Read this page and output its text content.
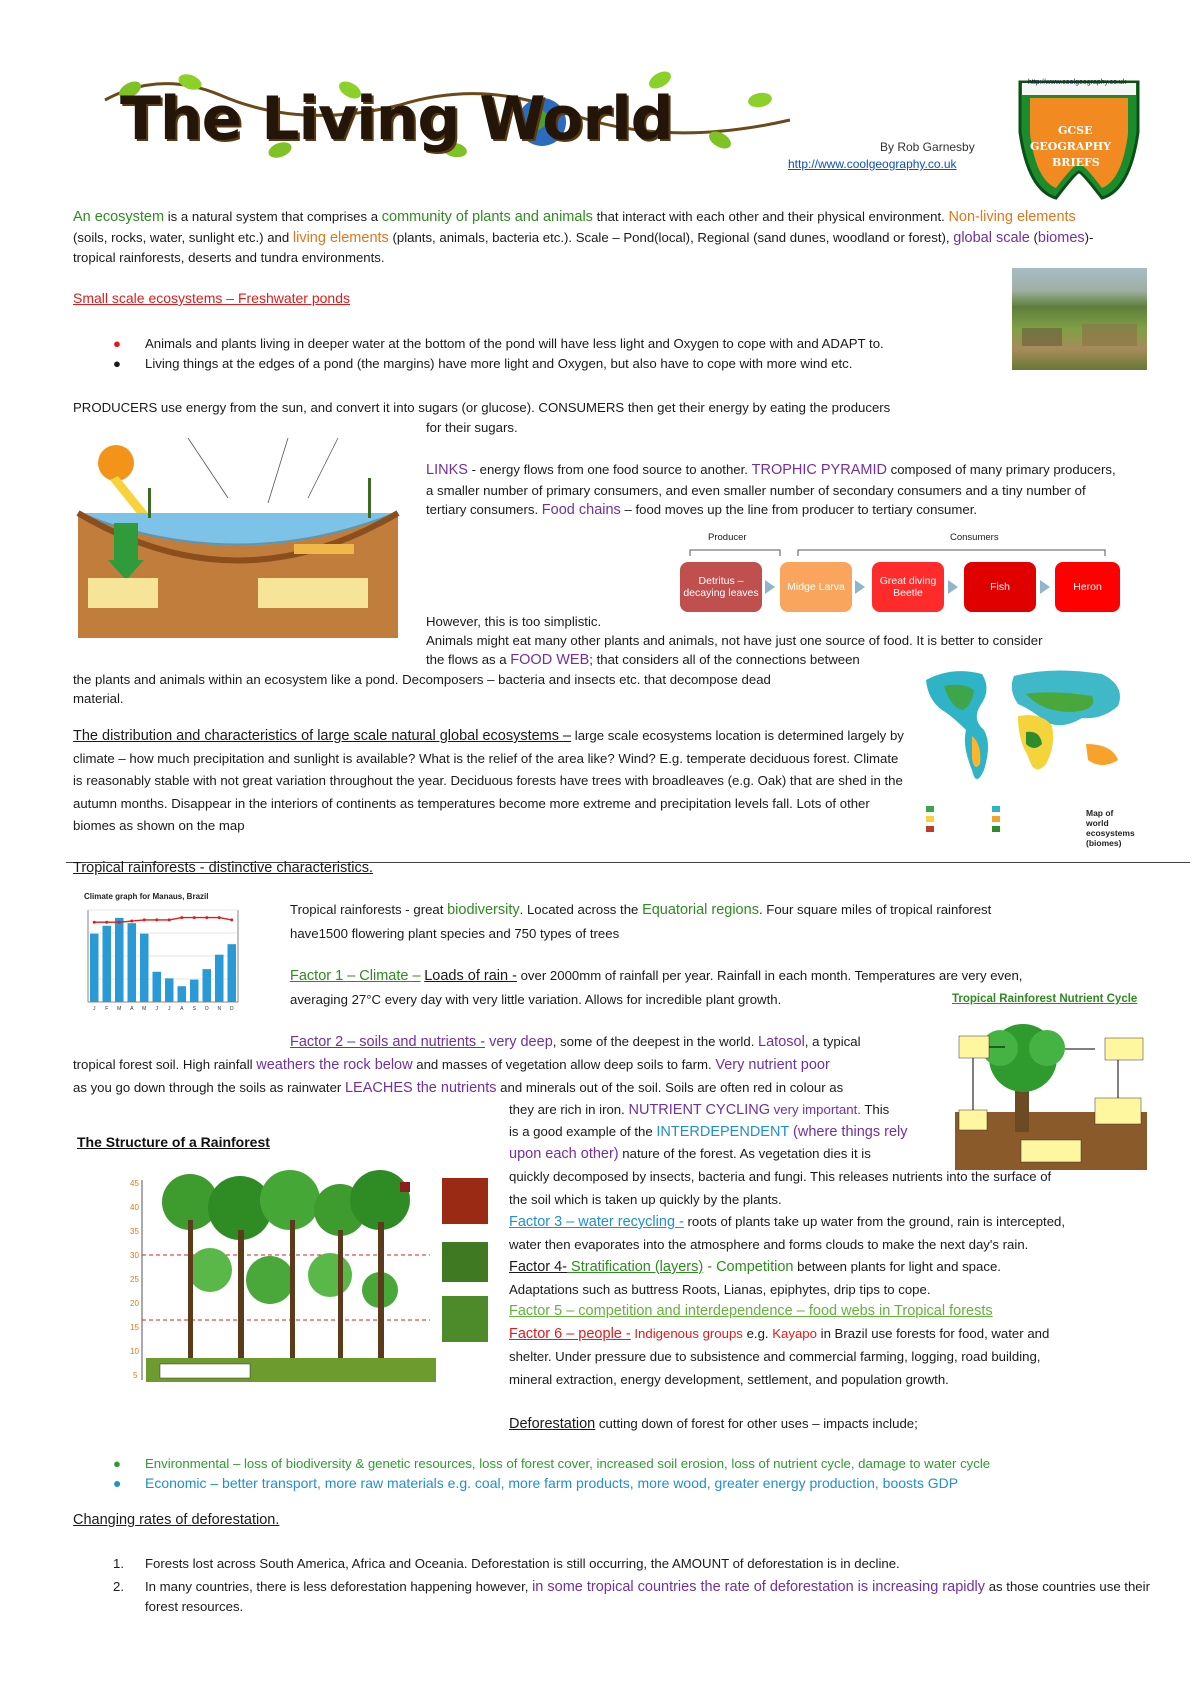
The Living World	By Rob Garnesby
http://www.coolgeography.co.uk
http://www.coolgeography.co.uk
GCSE
GEOGRAPHY
BRIEFS
An ecosystem is a natural system that comprises a community of plants and animals that interact with each other and their physical environment. Non-living elements (soils, rocks, water, sunlight etc.) and living elements (plants, animals, bacteria etc.). Scale – Pond(local), Regional (sand dunes, woodland or forest), global scale (biomes)- tropical rainforests, deserts and tundra environments.
Small scale ecosystems – Freshwater ponds
● Animals and plants living in deeper water at the bottom of the pond will have less light and Oxygen to cope with and ADAPT to.
● Living things at the edges of a pond (the margins) have more light and Oxygen, but also have to cope with more wind etc.
PRODUCERS use energy from the sun, and convert it into sugars (or glucose). CONSUMERS then get their energy by eating the producers
for their sugars.
LINKS - energy flows from one food source to another. TROPHIC PYRAMID composed of many primary producers, a smaller number of primary consumers, and even smaller number of secondary consumers and a tiny number of tertiary consumers. Food chains – food moves up the line from producer to tertiary consumer.
Producer	Consumers
Detritus – decaying leaves	Midge Larva	Great diving Beetle	Fish	Heron
However, this is too simplistic.
Animals might eat many other plants and animals, not have just one source of food. It is better to consider
the flows as a FOOD WEB; that considers all of the connections between
the plants and animals within an ecosystem like a pond. Decomposers – bacteria and insects etc. that decompose dead
material.
Map of world ecosystems (biomes)
The distribution and characteristics of large scale natural global ecosystems – large scale ecosystems location is determined largely by climate – how much precipitation and sunlight is available? What is the relief of the area like? Wind? E.g. temperate deciduous forest. Climate is reasonably stable with not great variation throughout the year. Deciduous forests have trees with broadleaves (e.g. Oak) that are shed in the autumn months. Disappear in the interiors of continents as temperatures become more extreme and precipitation levels fall. Lots of other biomes as shown on the map
Tropical rainforests - distinctive characteristics.
Climate graph for Manaus, Brazil
J F M A M J J A S O N D
Tropical rainforests - great biodiversity. Located across the Equatorial regions. Four square miles of tropical rainforest
have1500 flowering plant species and 750 types of trees
Factor 1 – Climate – Loads of rain - over 2000mm of rainfall per year. Rainfall in each month. Temperatures are very even,
averaging 27°C every day with very little variation. Allows for incredible plant growth.	Tropical Rainforest Nutrient Cycle
Factor 2 – soils and nutrients - very deep, some of the deepest in the world. Latosol, a typical
tropical forest soil. High rainfall weathers the rock below and masses of vegetation allow deep soils to farm. Very nutrient poor
as you go down through the soils as rainwater LEACHES the nutrients and minerals out of the soil. Soils are often red in colour as
they are rich in iron. NUTRIENT CYCLING very important. This
is a good example of the INTERDEPENDENT (where things rely
upon each other) nature of the forest. As vegetation dies it is
quickly decomposed by insects, bacteria and fungi. This releases nutrients into the surface of
the soil which is taken up quickly by the plants.
The Structure of a Rainforest
45
40
35
30
25
20
15
10
5
Factor 3 – water recycling - roots of plants take up water from the ground, rain is intercepted,
water then evaporates into the atmosphere and forms clouds to make the next day's rain.
Factor 4- Stratification (layers) - Competition between plants for light and space.
Adaptations such as buttress Roots, Lianas, epiphytes, drip tips to cope.
Factor 5 – competition and interdependence – food webs in Tropical forests
Factor 6 – people - Indigenous groups e.g. Kayapo in Brazil use forests for food, water and
shelter. Under pressure due to subsistence and commercial farming, logging, road building,
mineral extraction, energy development, settlement, and population growth.
Deforestation cutting down of forest for other uses – impacts include;
● Environmental – loss of biodiversity & genetic resources, loss of forest cover, increased soil erosion, loss of nutrient cycle, damage to water cycle
● Economic – better transport, more raw materials e.g. coal, more farm products, more wood, greater energy production, boosts GDP
Changing rates of deforestation.
1. Forests lost across South America, Africa and Oceania. Deforestation is still occurring, the AMOUNT of deforestation is in decline.
2. In many countries, there is less deforestation happening however, in some tropical countries the rate of deforestation is increasing rapidly as those countries use their forest resources.
